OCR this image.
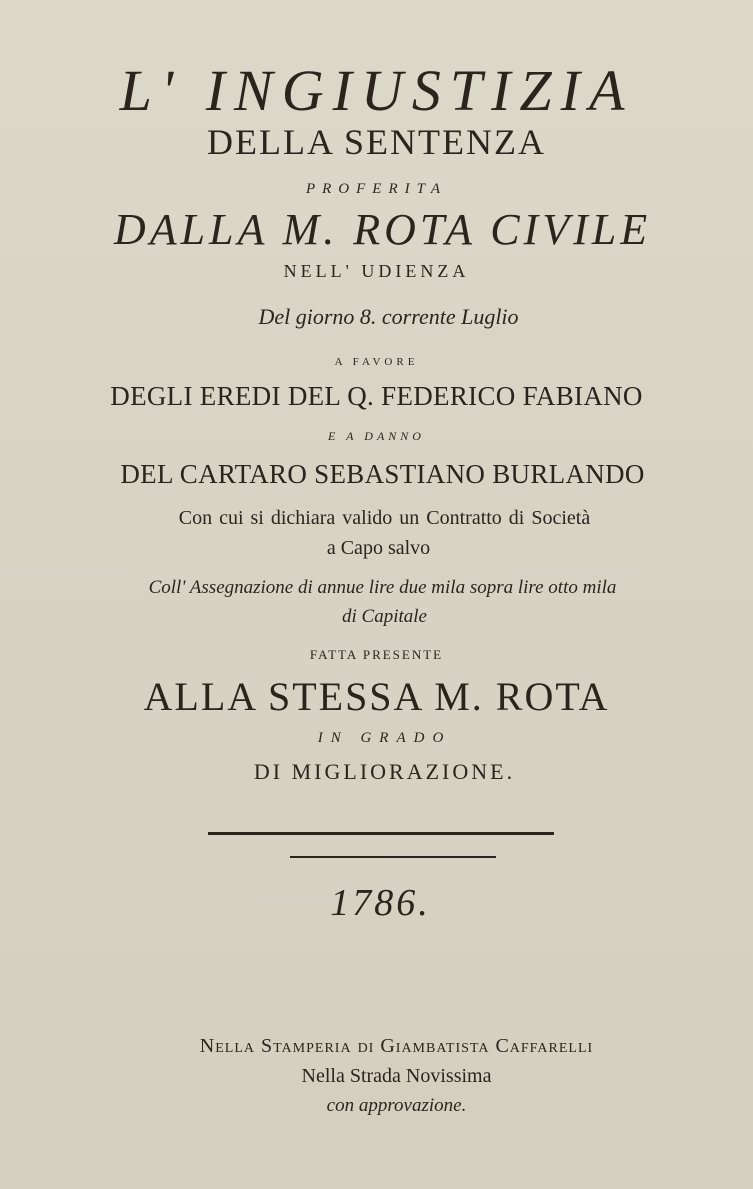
L' INGIUSTIZIA
DELLA SENTENZA
PROFERITA
DALLA M. ROTA CIVILE
NELL' UDIENZA
Del giorno 8. corrente Luglio
A FAVORE
DEGLI EREDI DEL Q. FEDERICO FABIANO
E A DANNO
DEL CARTARO SEBASTIANO BURLANDO
Con cui si dichiara valido un Contratto di Società
a Capo salvo
Coll' Assegnazione di annue lire due mila sopra lire otto mila
di Capitale
FATTA PRESENTE
ALLA STESSA M. ROTA
IN GRADO
DI MIGLIORAZIONE.
1786.
Nella Stamperia di Giambatista Caffarelli
Nella Strada Novissima
con approvazione.
